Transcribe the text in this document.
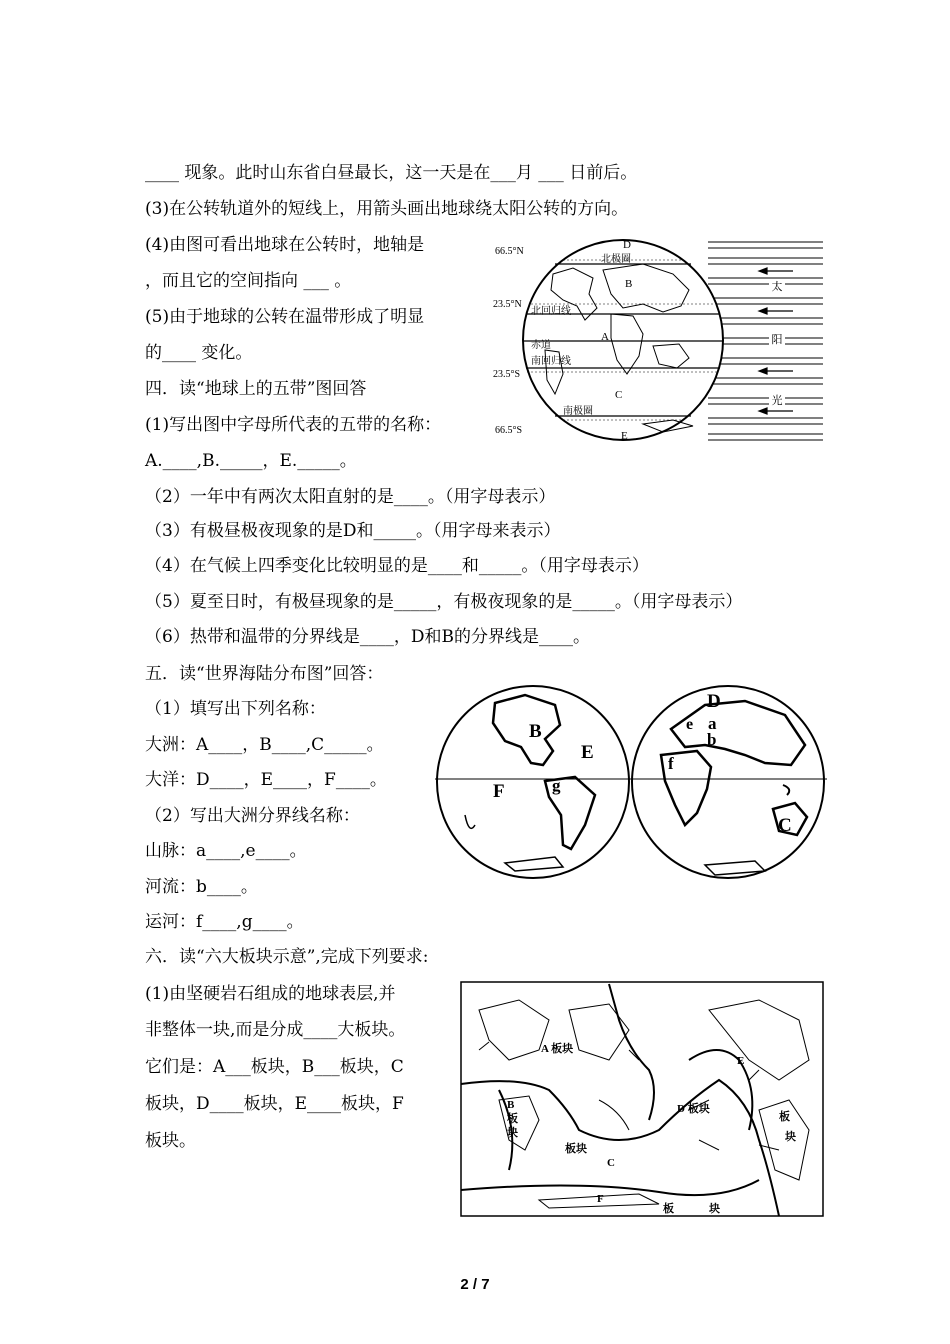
____ 现象。此时山东省白昼最长，这一天是在___月 ___ 日前后。
(3)在公转轨道外的短线上，用箭头画出地球绕太阳公转的方向。
(4)由图可看出地球在公转时，地轴是
，而且它的空间指向 ___ 。
(5)由于地球的公转在温带形成了明显
的____ 变化。
四．读“地球上的五带”图回答
(1)写出图中字母所代表的五带的名称：
A.____,B._____，E._____。
（2）一年中有两次太阳直射的是____。（用字母表示）
（3）有极昼极夜现象的是D和_____。（用字母来表示）
（4）在气候上四季变化比较明显的是____和_____。（用字母表示）
（5）夏至日时，有极昼现象的是_____，有极夜现象的是_____。（用字母表示）
（6）热带和温带的分界线是____，D和B的分界线是____。
五．读“世界海陆分布图”回答：
（1）填写出下列名称：
大洲：A____，B____,C_____。
大洋：D____，E____，F____。
（2）写出大洲分界线名称：
山脉：a____,e____。
河流：b____。
运河：f____,g____。
六．读“六大板块示意”,完成下列要求:
(1)由坚硬岩石组成的地球表层,并
非整体一块,而是分成____大板块。
它们是：A___板块，B___板块，C
板块，D____板块，E____板块，F
板块。
太
阳
光
66.5°N
23.5°N
23.5°S
66.5°S
北极圈
北回归线
赤道
南回归线
南极圈
D
B
A
C
E
B
E
F	g
D
e a
b
f
C
A 板块
B
板
块
板块
C
D 板块
E
板
块
F
板	块
2 / 7
